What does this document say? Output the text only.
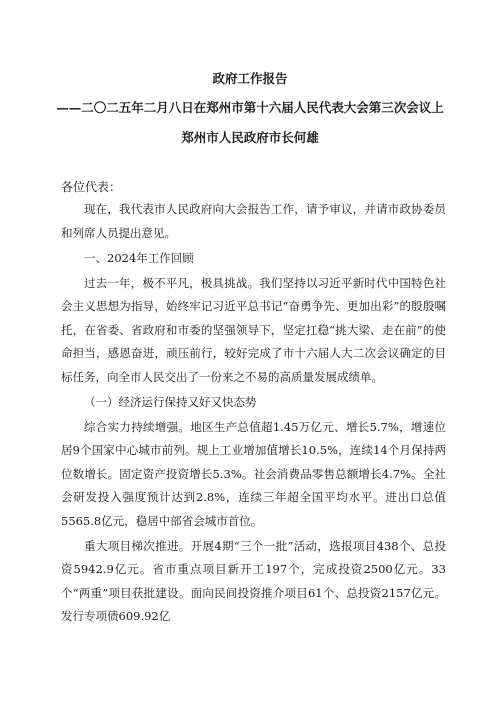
政府工作报告
——二〇二五年二月八日在郑州市第十六届人民代表大会第三次会议上
郑州市人民政府市长何雄
各位代表：

现在，我代表市人民政府向大会报告工作，请予审议，并请市政协委员和列席人员提出意见。

一、2024年工作回顾

过去一年，极不平凡，极具挑战。我们坚持以习近平新时代中国特色社会主义思想为指导，始终牢记习近平总书记“奋勇争先、更加出彩”的殷殷嘱托，在省委、省政府和市委的坚强领导下，坚定扛稳“挑大梁、走在前”的使命担当，感恩奋进，顽压前行，较好完成了市十六届人大二次会议确定的目标任务，向全市人民交出了一份来之不易的高质量发展成绩单。

（一）经济运行保持又好又快态势

综合实力持续增强。地区生产总值超1.45万亿元、增长5.7%，增速位居9个国家中心城市前列。规上工业增加值增长10.5%，连续14个月保持两位数增长。固定资产投资增长5.3%。社会消费品零售总额增长4.7%。全社会研发投入强度预计达到2.8%，连续三年超全国平均水平。进出口总值5565.8亿元，稳居中部省会城市首位。

重大项目梯次推进。开展4期“三个一批”活动，选报项目438个、总投资5942.9亿元。省市重点项目新开工197个，完成投资2500亿元。33个“两重”项目获批建设。面向民间投资推介项目61个、总投资2157亿元。发行专项债609.92亿
